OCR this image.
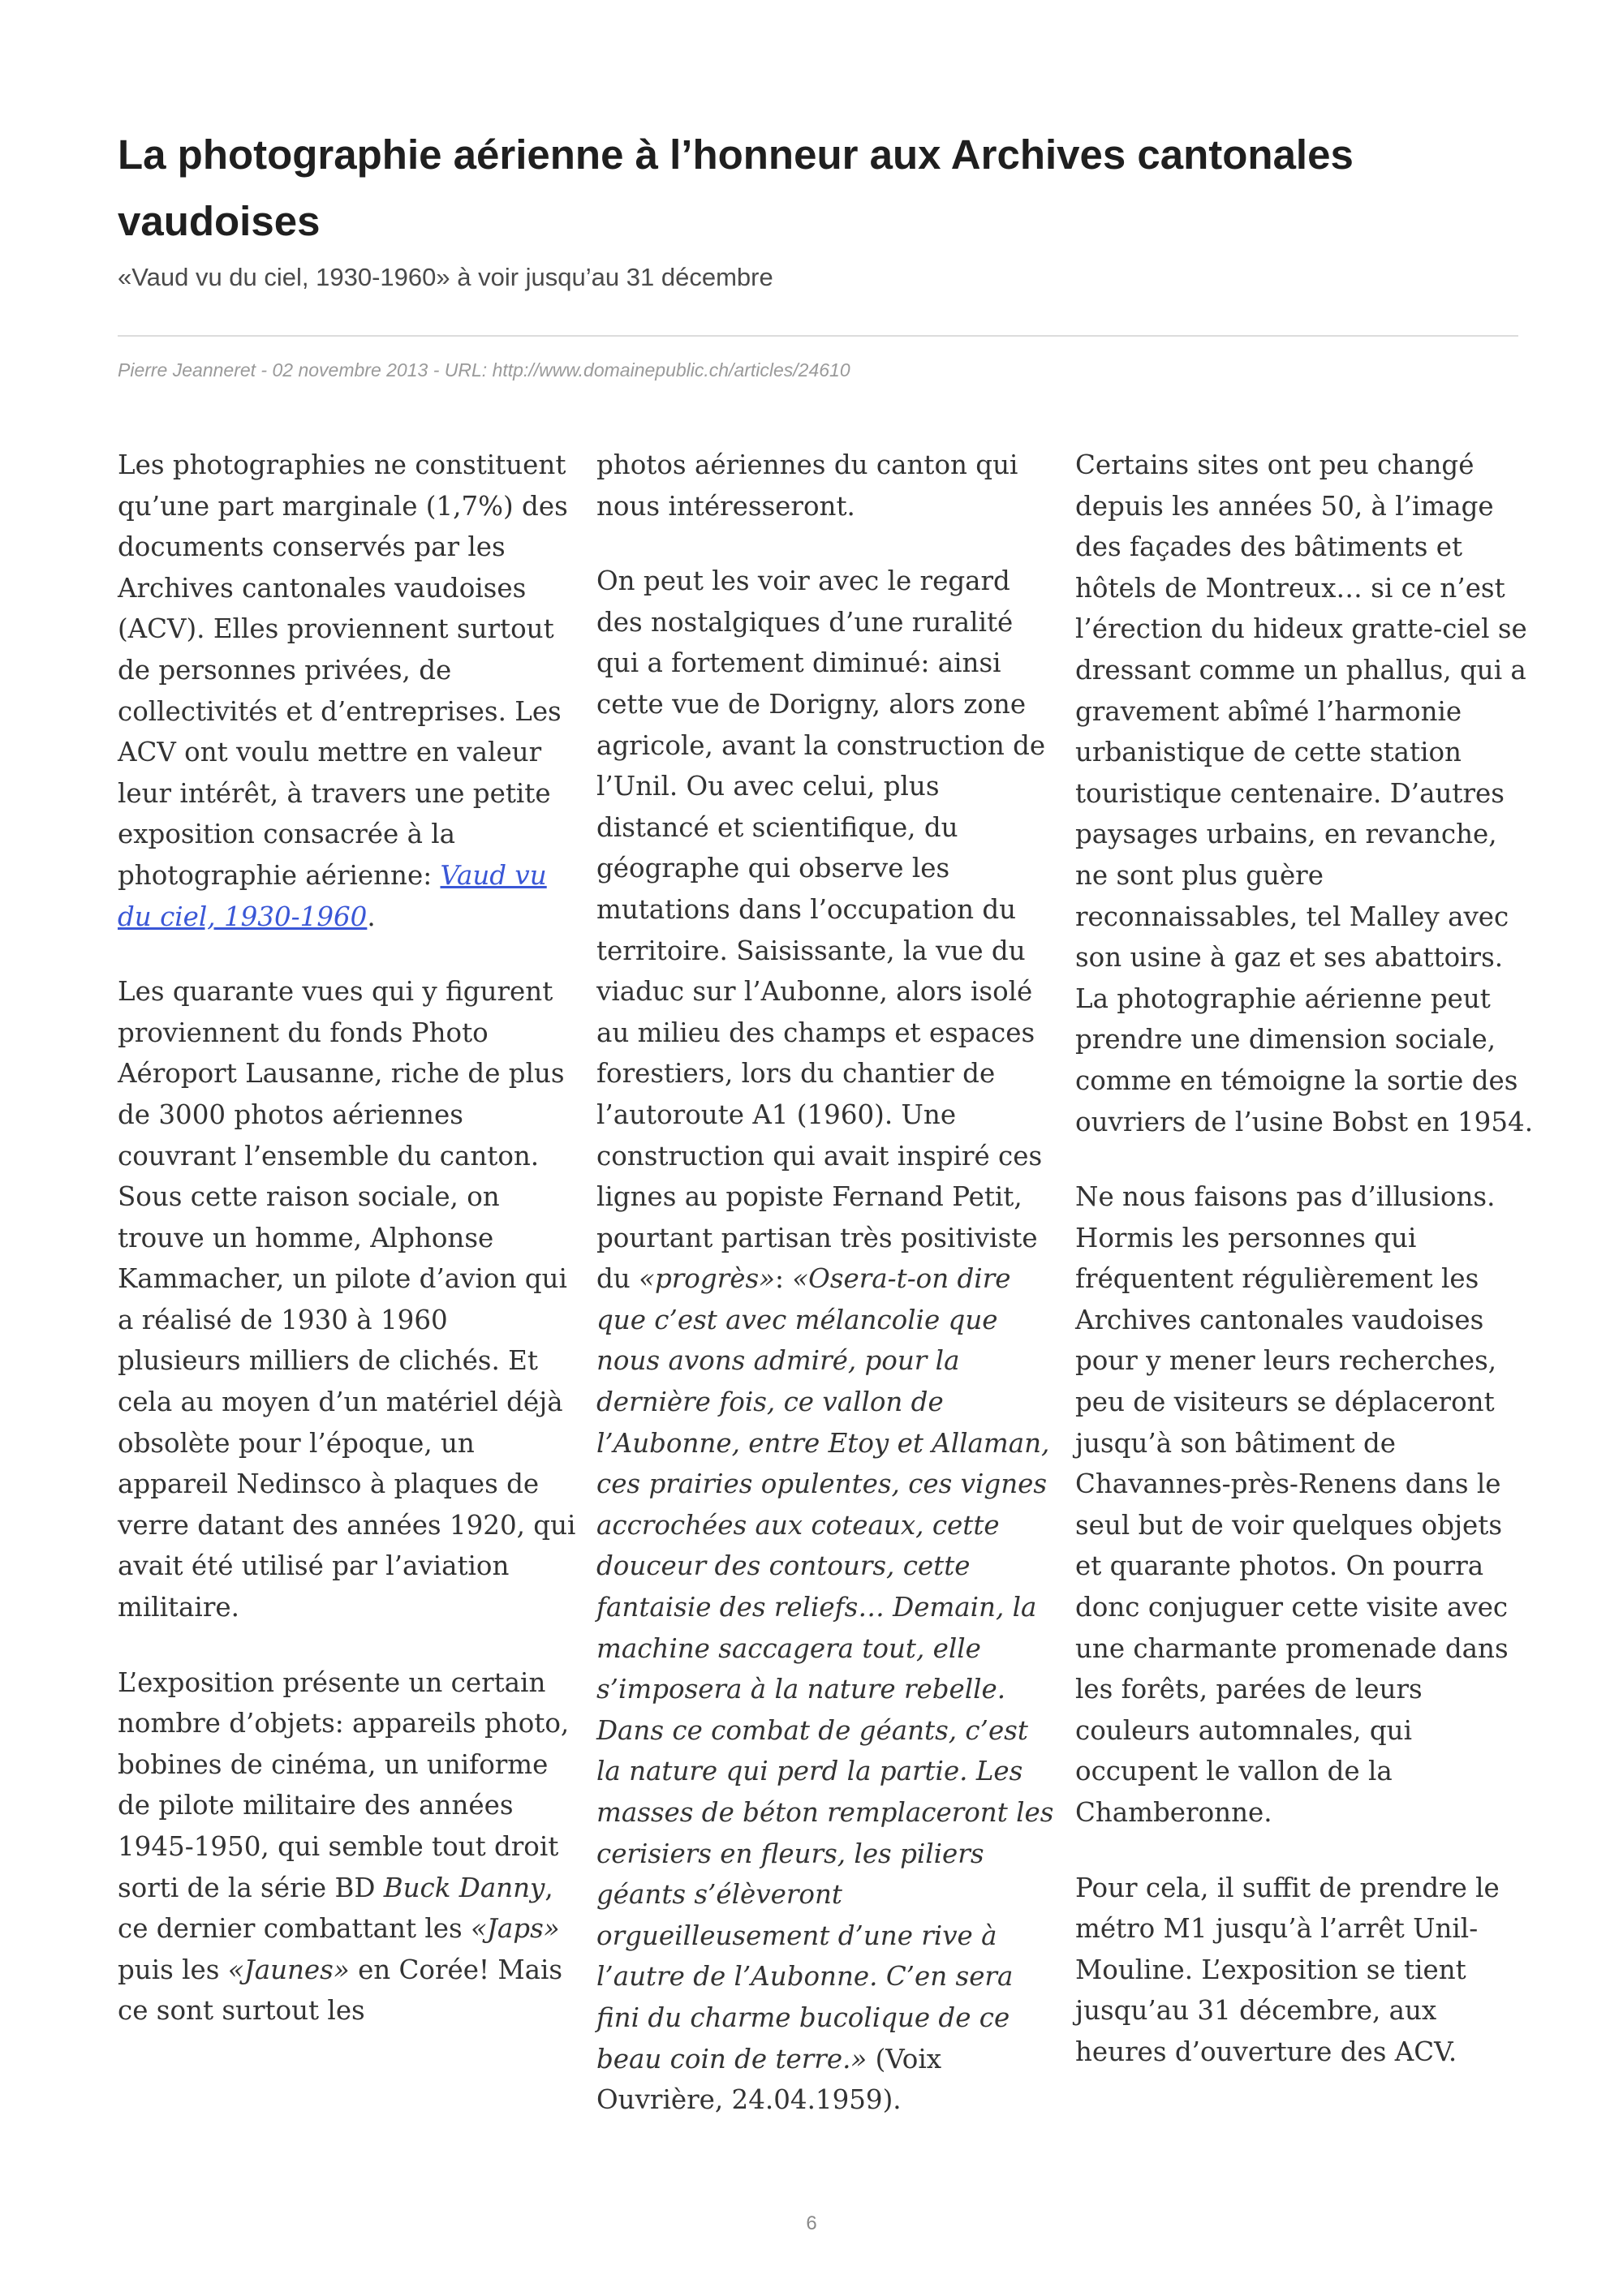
La photographie aérienne à l’honneur aux Archives cantonales vaudoises
«Vaud vu du ciel, 1930-1960» à voir jusqu’au 31 décembre
Pierre Jeanneret - 02 novembre 2013 - URL: http://www.domainepublic.ch/articles/24610

Les photographies ne constituent qu’une part marginale (1,7%) des documents conservés par les Archives cantonales vaudoises (ACV). Elles proviennent surtout de personnes privées, de collectivités et d’entreprises. Les ACV ont voulu mettre en valeur leur intérêt, à travers une petite exposition consacrée à la photographie aérienne: Vaud vu du ciel, 1930-1960.

Les quarante vues qui y figurent proviennent du fonds Photo Aéroport Lausanne, riche de plus de 3000 photos aériennes couvrant l’ensemble du canton. Sous cette raison sociale, on trouve un homme, Alphonse Kammacher, un pilote d’avion qui a réalisé de 1930 à 1960 plusieurs milliers de clichés. Et cela au moyen d’un matériel déjà obsolète pour l’époque, un appareil Nedinsco à plaques de verre datant des années 1920, qui avait été utilisé par l’aviation militaire.

L’exposition présente un certain nombre d’objets: appareils photo, bobines de cinéma, un uniforme de pilote militaire des années 1945-1950, qui semble tout droit sorti de la série BD Buck Danny, ce dernier combattant les «Japs» puis les «Jaunes» en Corée! Mais ce sont surtout les

photos aériennes du canton qui nous intéresseront.

On peut les voir avec le regard des nostalgiques d’une ruralité qui a fortement diminué: ainsi cette vue de Dorigny, alors zone agricole, avant la construction de l’Unil. Ou avec celui, plus distancé et scientifique, du géographe qui observe les mutations dans l’occupation du territoire. Saisissante, la vue du viaduc sur l’Aubonne, alors isolé au milieu des champs et espaces forestiers, lors du chantier de l’autoroute A1 (1960). Une construction qui avait inspiré ces lignes au popiste Fernand Petit, pourtant partisan très positiviste du «progrès»: «Osera-t-on dire que c’est avec mélancolie que nous avons admiré, pour la dernière fois, ce vallon de l’Aubonne, entre Etoy et Allaman, ces prairies opulentes, ces vignes accrochées aux coteaux, cette douceur des contours, cette fantaisie des reliefs… Demain, la machine saccagera tout, elle s’imposera à la nature rebelle. Dans ce combat de géants, c’est la nature qui perd la partie. Les masses de béton remplaceront les cerisiers en fleurs, les piliers géants s’élèveront orgueilleusement d’une rive à l’autre de l’Aubonne. C’en sera fini du charme bucolique de ce beau coin de terre.» (Voix Ouvrière, 24.04.1959).

Certains sites ont peu changé depuis les années 50, à l’image des façades des bâtiments et hôtels de Montreux… si ce n’est l’érection du hideux gratte-ciel se dressant comme un phallus, qui a gravement abîmé l’harmonie urbanistique de cette station touristique centenaire. D’autres paysages urbains, en revanche, ne sont plus guère reconnaissables, tel Malley avec son usine à gaz et ses abattoirs. La photographie aérienne peut prendre une dimension sociale, comme en témoigne la sortie des ouvriers de l’usine Bobst en 1954.

Ne nous faisons pas d’illusions. Hormis les personnes qui fréquentent régulièrement les Archives cantonales vaudoises pour y mener leurs recherches, peu de visiteurs se déplaceront jusqu’à son bâtiment de Chavannes-près-Renens dans le seul but de voir quelques objets et quarante photos. On pourra donc conjuguer cette visite avec une charmante promenade dans les forêts, parées de leurs couleurs automnales, qui occupent le vallon de la Chamberonne.

Pour cela, il suffit de prendre le métro M1 jusqu’à l’arrêt Unil-Mouline. L’exposition se tient jusqu’au 31 décembre, aux heures d’ouverture des ACV.

6
